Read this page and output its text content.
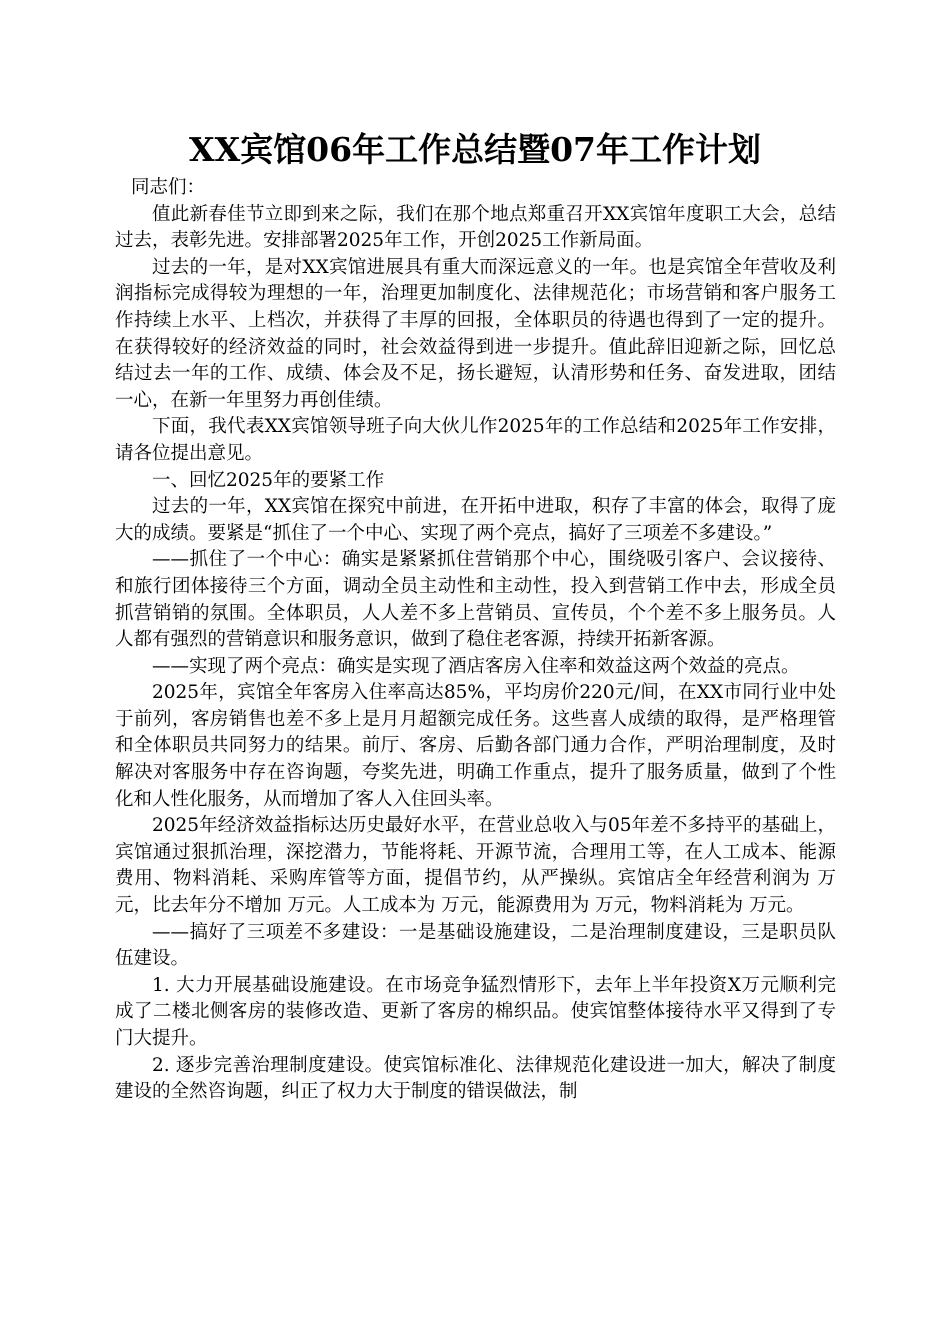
XX宾馆06年工作总结暨07年工作计划

同志们：

值此新春佳节立即到来之际，我们在那个地点郑重召开XX宾馆年度职工大会，总结过去，表彰先进。安排部署2025年工作，开创2025工作新局面。

过去的一年，是对XX宾馆进展具有重大而深远意义的一年。也是宾馆全年营收及利润指标完成得较为理想的一年，治理更加制度化、法律规范化；市场营销和客户服务工作持续上水平、上档次，并获得了丰厚的回报，全体职员的待遇也得到了一定的提升。在获得较好的经济效益的同时，社会效益得到进一步提升。值此辞旧迎新之际，回忆总结过去一年的工作、成绩、体会及不足，扬长避短，认清形势和任务、奋发进取，团结一心，在新一年里努力再创佳绩。

下面，我代表XX宾馆领导班子向大伙儿作2025年的工作总结和2025年工作安排，请各位提出意见。

一、回忆2025年的要紧工作

过去的一年，XX宾馆在探究中前进，在开拓中进取，积存了丰富的体会，取得了庞大的成绩。要紧是“抓住了一个中心、实现了两个亮点，搞好了三项差不多建设。”

——抓住了一个中心：确实是紧紧抓住营销那个中心，围绕吸引客户、会议接待、和旅行团体接待三个方面，调动全员主动性和主动性，投入到营销工作中去，形成全员抓营销销的氛围。全体职员，人人差不多上营销员、宣传员，个个差不多上服务员。人人都有强烈的营销意识和服务意识，做到了稳住老客源，持续开拓新客源。

——实现了两个亮点：确实是实现了酒店客房入住率和效益这两个效益的亮点。

2025年，宾馆全年客房入住率高达85%，平均房价220元/间，在XX市同行业中处于前列，客房销售也差不多上是月月超额完成任务。这些喜人成绩的取得，是严格理管和全体职员共同努力的结果。前厅、客房、后勤各部门通力合作，严明治理制度，及时解决对客服务中存在咨询题，夸奖先进，明确工作重点，提升了服务质量，做到了个性化和人性化服务，从而增加了客人入住回头率。

2025年经济效益指标达历史最好水平，在营业总收入与05年差不多持平的基础上，宾馆通过狠抓治理，深挖潜力，节能将耗、开源节流，合理用工等，在人工成本、能源费用、物料消耗、采购库管等方面，提倡节约，从严操纵。宾馆店全年经营利润为 万元，比去年分不增加 万元。人工成本为 万元，能源费用为 万元，物料消耗为 万元。

——搞好了三项差不多建设：一是基础设施建设，二是治理制度建设，三是职员队伍建设。

1. 大力开展基础设施建设。在市场竞争猛烈情形下，去年上半年投资X万元顺利完成了二楼北侧客房的装修改造、更新了客房的棉织品。使宾馆整体接待水平又得到了专门大提升。

2. 逐步完善治理制度建设。使宾馆标准化、法律规范化建设进一加大，解决了制度建设的全然咨询题，纠正了权力大于制度的错误做法，制
